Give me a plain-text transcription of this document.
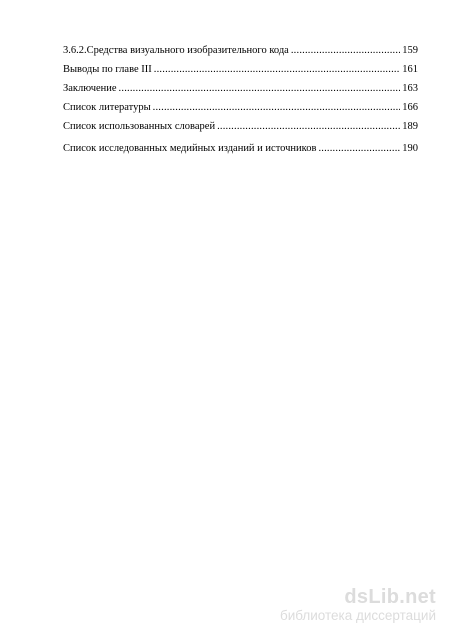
3.6.2.Средства визуального изобразительного кода .....	159
Выводы по главе III .....	161
Заключение .....	163
Список литературы .....	166
Список использованных словарей .....	189
Список исследованных медийных изданий и источников .....	190
dsLib.net
библиотека диссертаций
